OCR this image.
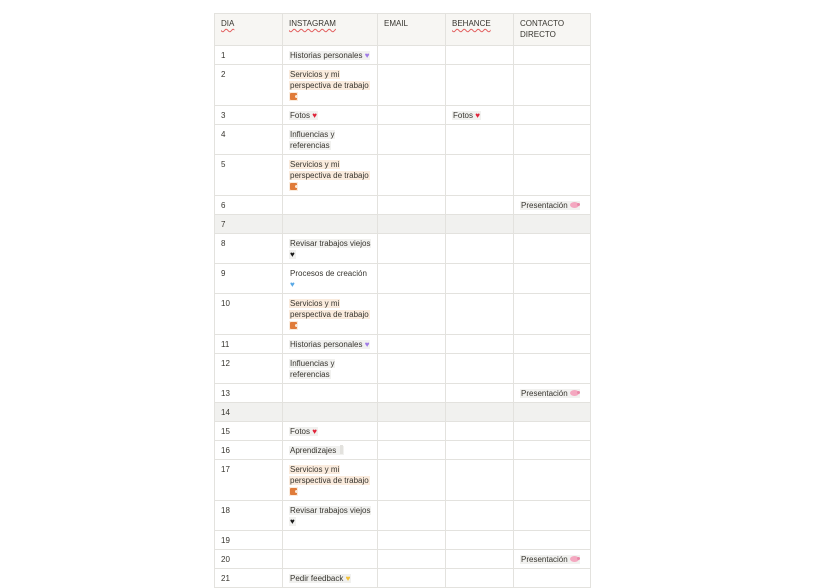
DIA	INSTAGRAM	EMAIL	BEHANCE	CONTACTO DIRECTO
1	Historias personales ♥			
2	Servicios y mi perspectiva de trabajo

3	Fotos ♥		Fotos ♥	
4	Influencias y referencias			
5	Servicios y mi perspectiva de trabajo

6				Presentación
7				
8	Revisar trabajos viejos
♥			
9	Procesos de creación
♥			
10	Servicios y mi perspectiva de trabajo

11	Historias personales ♥			
12	Influencias y referencias			
13				Presentación
14				
15	Fotos ♥			
16	Aprendizajes			
17	Servicios y mi perspectiva de trabajo

18	Revisar trabajos viejos
♥			
19				
20				Presentación
21	Pedir feedback ♥			
